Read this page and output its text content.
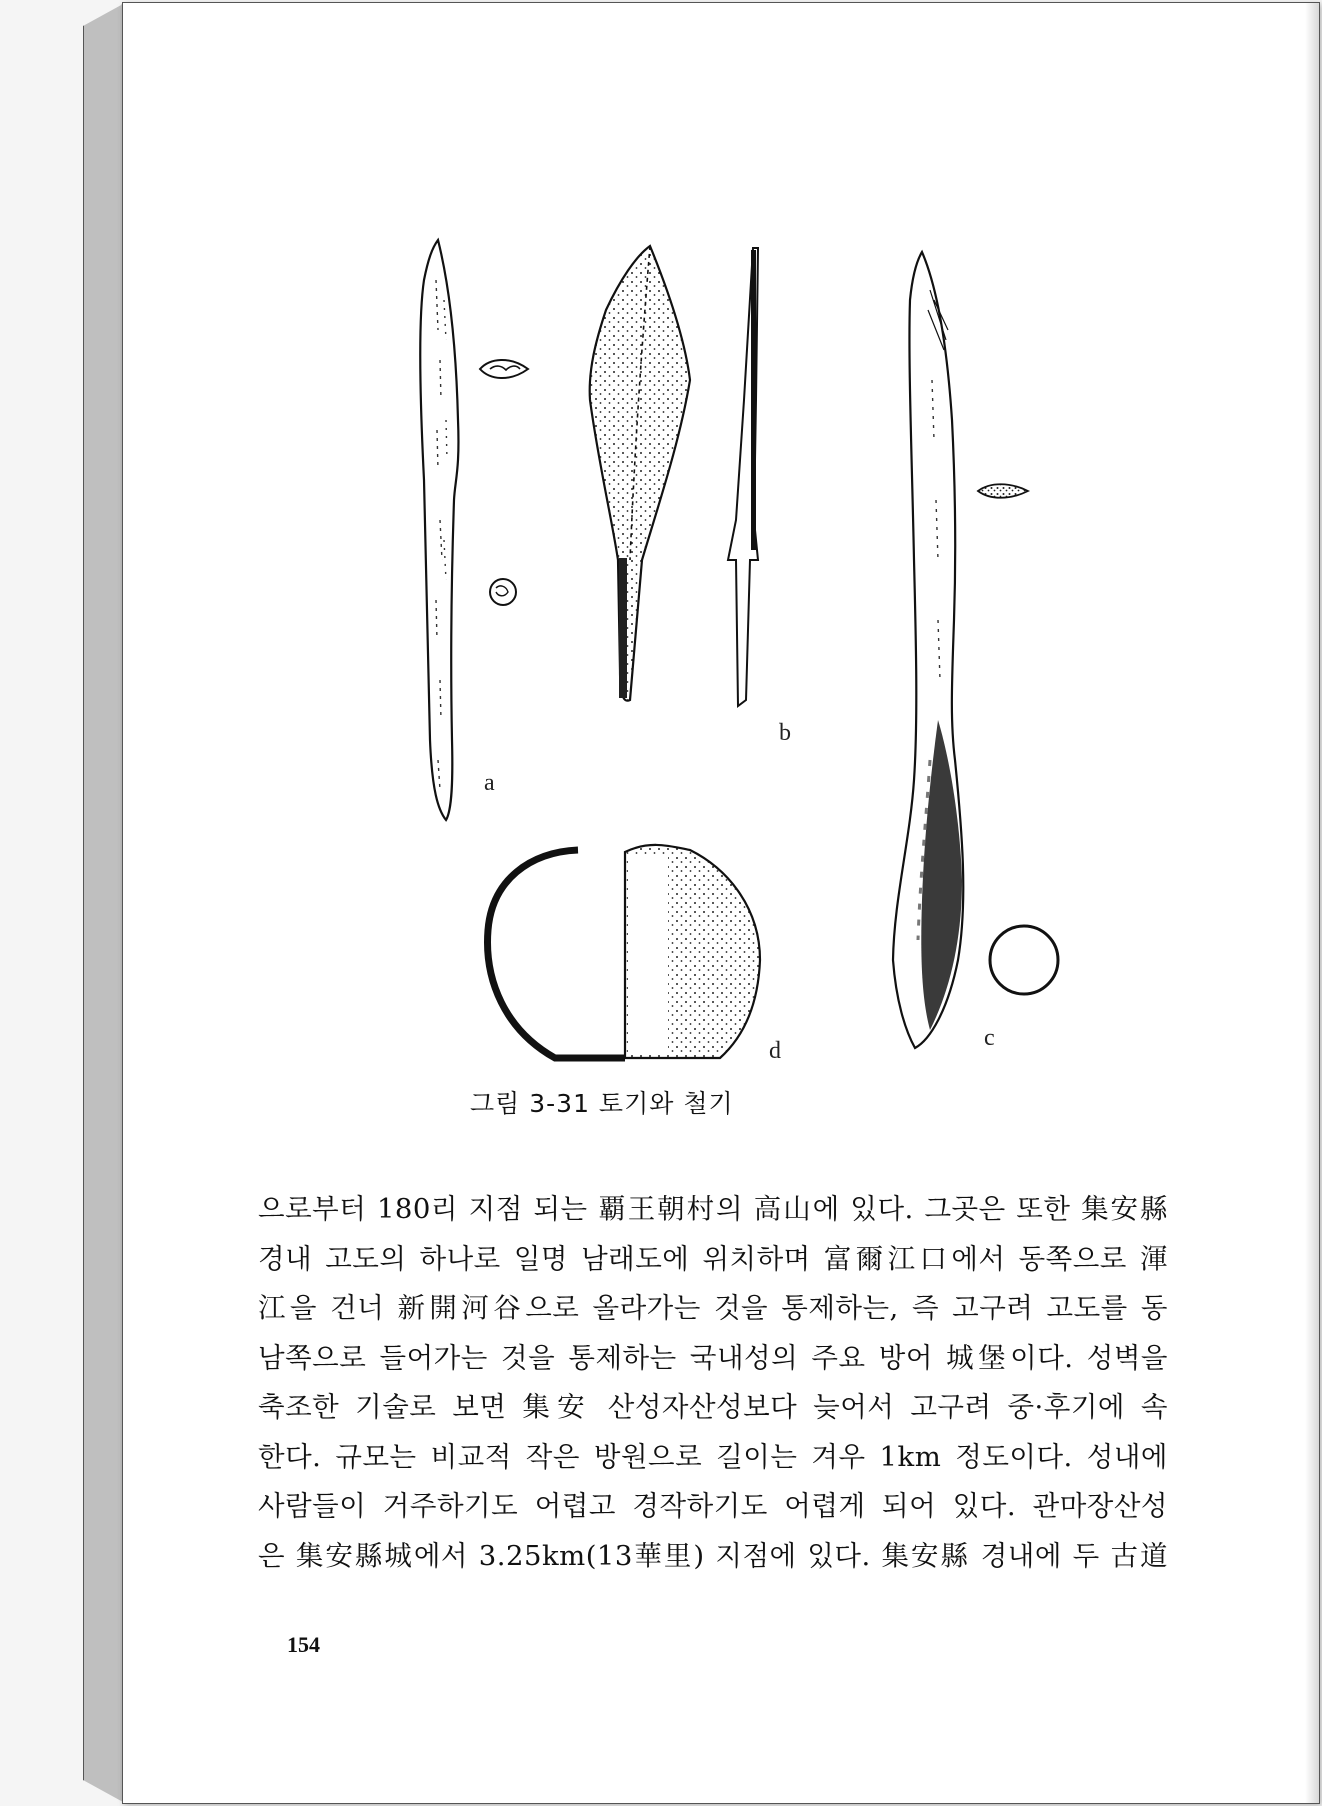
a
b
c
d
그림 3-31 토기와 철기
으로부터 180리 지점 되는 覇王朝村의 高山에 있다. 그곳은 또한 集安縣
경내 고도의 하나로 일명 남래도에 위치하며 富爾江口에서 동쪽으로 渾
江을 건너 新開河谷으로 올라가는 것을 통제하는, 즉 고구려 고도를 동
남쪽으로 들어가는 것을 통제하는 국내성의 주요 방어 城堡이다. 성벽을
축조한 기술로 보면 集安 산성자산성보다 늦어서 고구려 중·후기에 속
한다. 규모는 비교적 작은 방원으로 길이는 겨우 1km 정도이다. 성내에
사람들이 거주하기도 어렵고 경작하기도 어렵게 되어 있다. 관마장산성
은 集安縣城에서 3.25km(13華里) 지점에 있다. 集安縣 경내에 두 古道
154
